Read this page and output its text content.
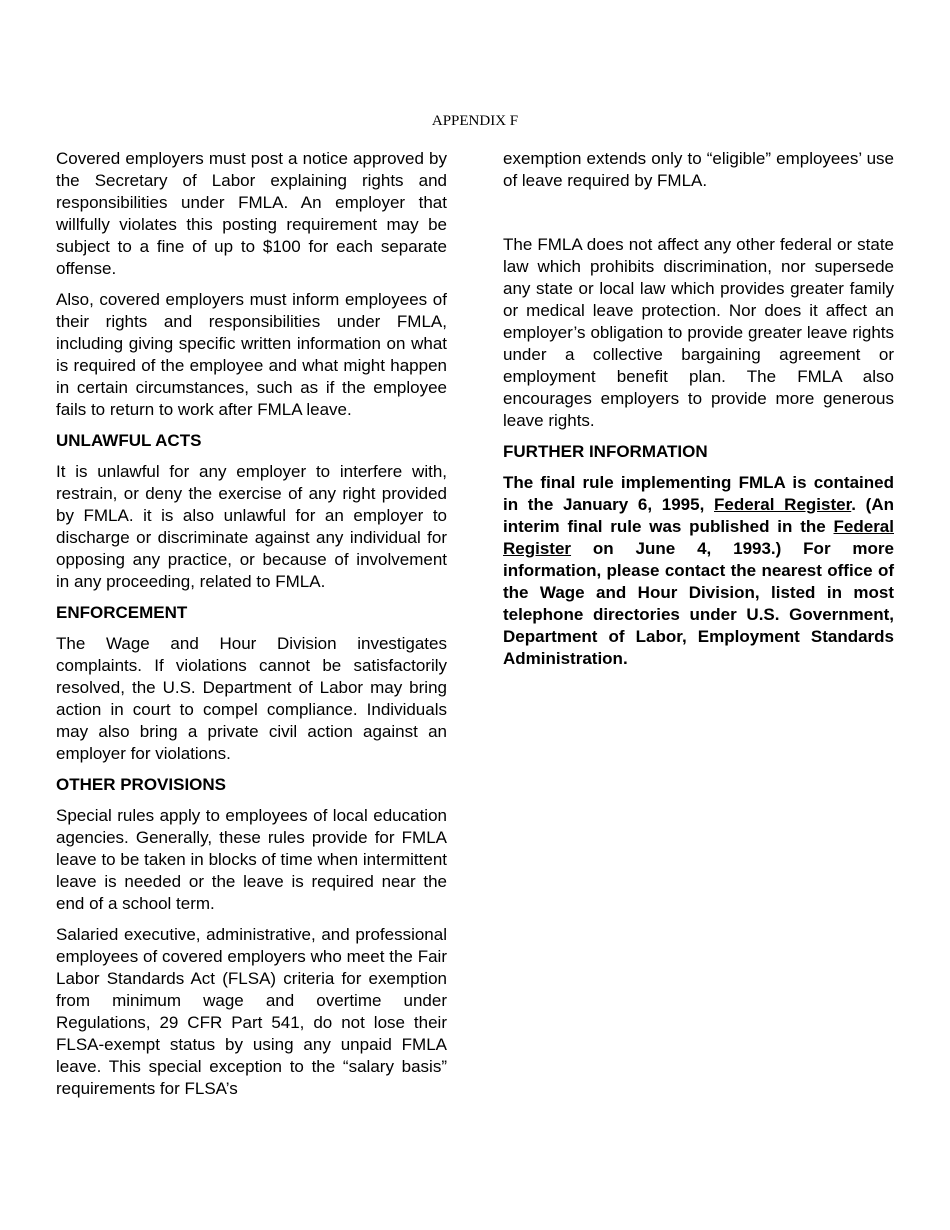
APPENDIX F

Covered employers must post a notice approved by the Secretary of Labor explaining rights and responsibilities under FMLA. An employer that willfully violates this posting requirement may be subject to a fine of up to $100 for each separate offense.

Also, covered employers must inform employees of their rights and responsibilities under FMLA, including giving specific written information on what is required of the employee and what might happen in certain circumstances, such as if the employee fails to return to work after FMLA leave.

UNLAWFUL ACTS

It is unlawful for any employer to interfere with, restrain, or deny the exercise of any right provided by FMLA. it is also unlawful for an employer to discharge or discriminate against any individual for opposing any practice, or because of involvement in any proceeding, related to FMLA.

ENFORCEMENT

The Wage and Hour Division investigates complaints. If violations cannot be satisfactorily resolved, the U.S. Department of Labor may bring action in court to compel compliance. Individuals may also bring a private civil action against an employer for violations.

OTHER PROVISIONS

Special rules apply to employees of local education agencies. Generally, these rules provide for FMLA leave to be taken in blocks of time when intermittent leave is needed or the leave is required near the end of a school term.

Salaried executive, administrative, and professional employees of covered employers who meet the Fair Labor Standards Act (FLSA) criteria for exemption from minimum wage and overtime under Regulations, 29 CFR Part 541, do not lose their FLSA-exempt status by using any unpaid FMLA leave. This special exception to the “salary basis” requirements for FLSA’s

exemption extends only to “eligible” employees’ use of leave required by FMLA.

The FMLA does not affect any other federal or state law which prohibits discrimination, nor supersede any state or local law which provides greater family or medical leave protection. Nor does it affect an employer’s obligation to provide greater leave rights under a collective bargaining agreement or employment benefit plan. The FMLA also encourages employers to provide more generous leave rights.

FURTHER INFORMATION

The final rule implementing FMLA is contained in the January 6, 1995, Federal Register. (An interim final rule was published in the Federal Register on June 4, 1993.) For more information, please contact the nearest office of the Wage and Hour Division, listed in most telephone directories under U.S. Government, Department of Labor, Employment Standards Administration.
